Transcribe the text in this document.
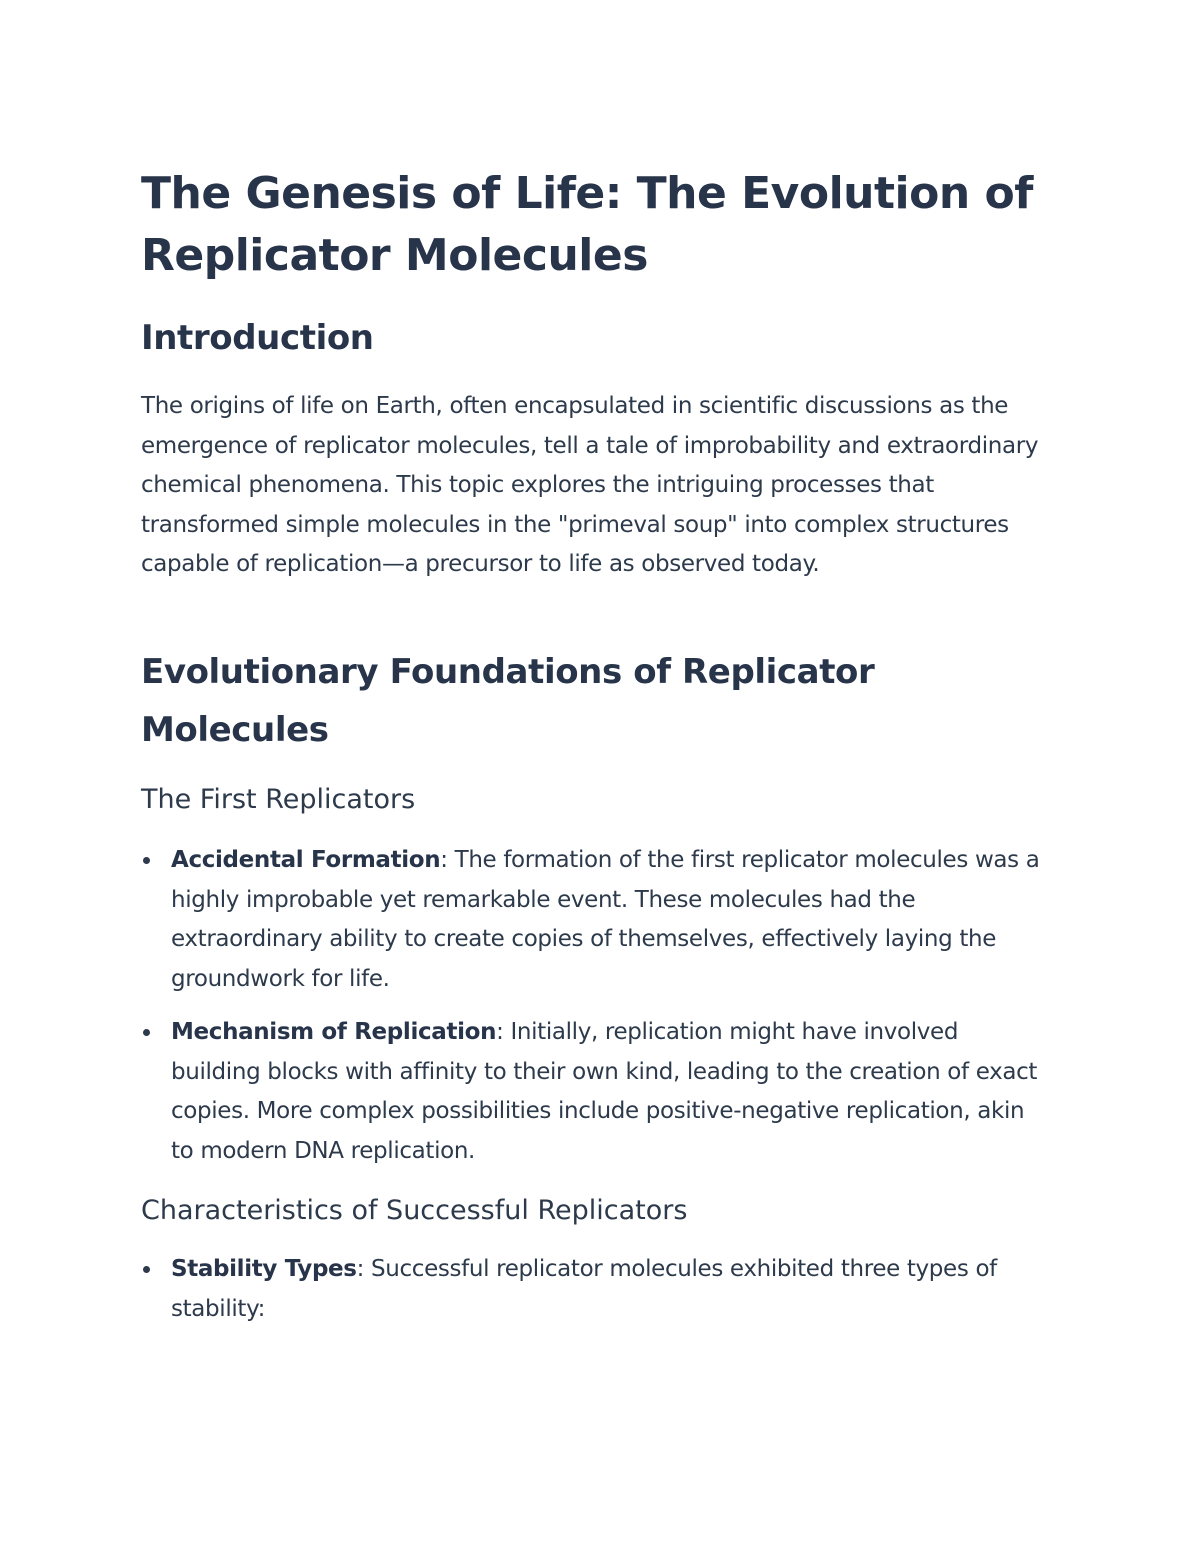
The Genesis of Life: The Evolution of Replicator Molecules
Introduction

The origins of life on Earth, often encapsulated in scientific discussions as the emergence of replicator molecules, tell a tale of improbability and extraordinary chemical phenomena. This topic explores the intriguing processes that transformed simple molecules in the "primeval soup" into complex structures capable of replication—a precursor to life as observed today.

Evolutionary Foundations of Replicator Molecules
The First Replicators
Accidental Formation: The formation of the first replicator molecules was a highly improbable yet remarkable event. These molecules had the extraordinary ability to create copies of themselves, effectively laying the groundwork for life.
Mechanism of Replication: Initially, replication might have involved building blocks with affinity to their own kind, leading to the creation of exact copies. More complex possibilities include positive-negative replication, akin to modern DNA replication.
Characteristics of Successful Replicators
Stability Types: Successful replicator molecules exhibited three types of stability:
